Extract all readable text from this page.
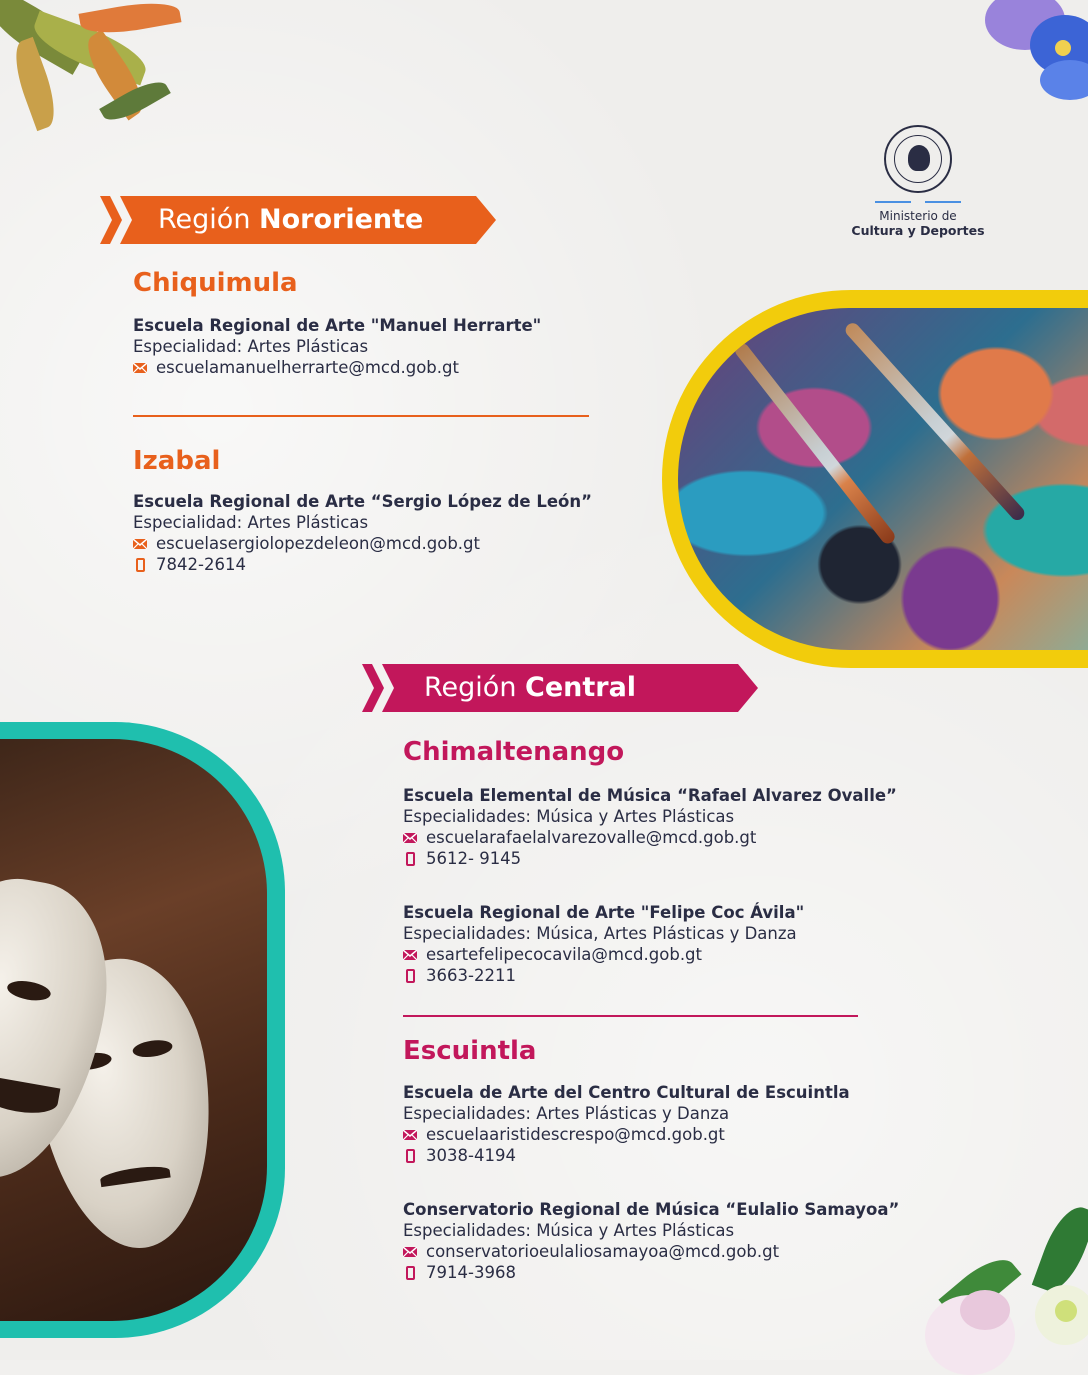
Ministerio de
Cultura y Deportes
Región Nororiente
Chiquimula
Escuela Regional de Arte "Manuel Herrarte"
Especialidad: Artes Plásticas
escuelamanuelherrarte@mcd.gob.gt
Izabal
Escuela Regional de Arte “Sergio López de León”
Especialidad: Artes Plásticas
escuelasergiolopezdeleon@mcd.gob.gt
7842-2614
Región Central
Chimaltenango
Escuela Elemental de Música “Rafael Alvarez Ovalle”
Especialidades: Música y Artes Plásticas
escuelarafaelalvarezovalle@mcd.gob.gt
5612- 9145
Escuela Regional de Arte "Felipe Coc Ávila"
Especialidades: Música, Artes Plásticas y Danza
esartefelipecocavila@mcd.gob.gt
3663-2211
Escuintla
Escuela de Arte del Centro Cultural de Escuintla
Especialidades: Artes Plásticas y Danza
escuelaaristidescrespo@mcd.gob.gt
3038-4194
Conservatorio Regional de Música “Eulalio Samayoa”
Especialidades: Música y Artes Plásticas
conservatorioeulaliosamayoa@mcd.gob.gt
7914-3968
